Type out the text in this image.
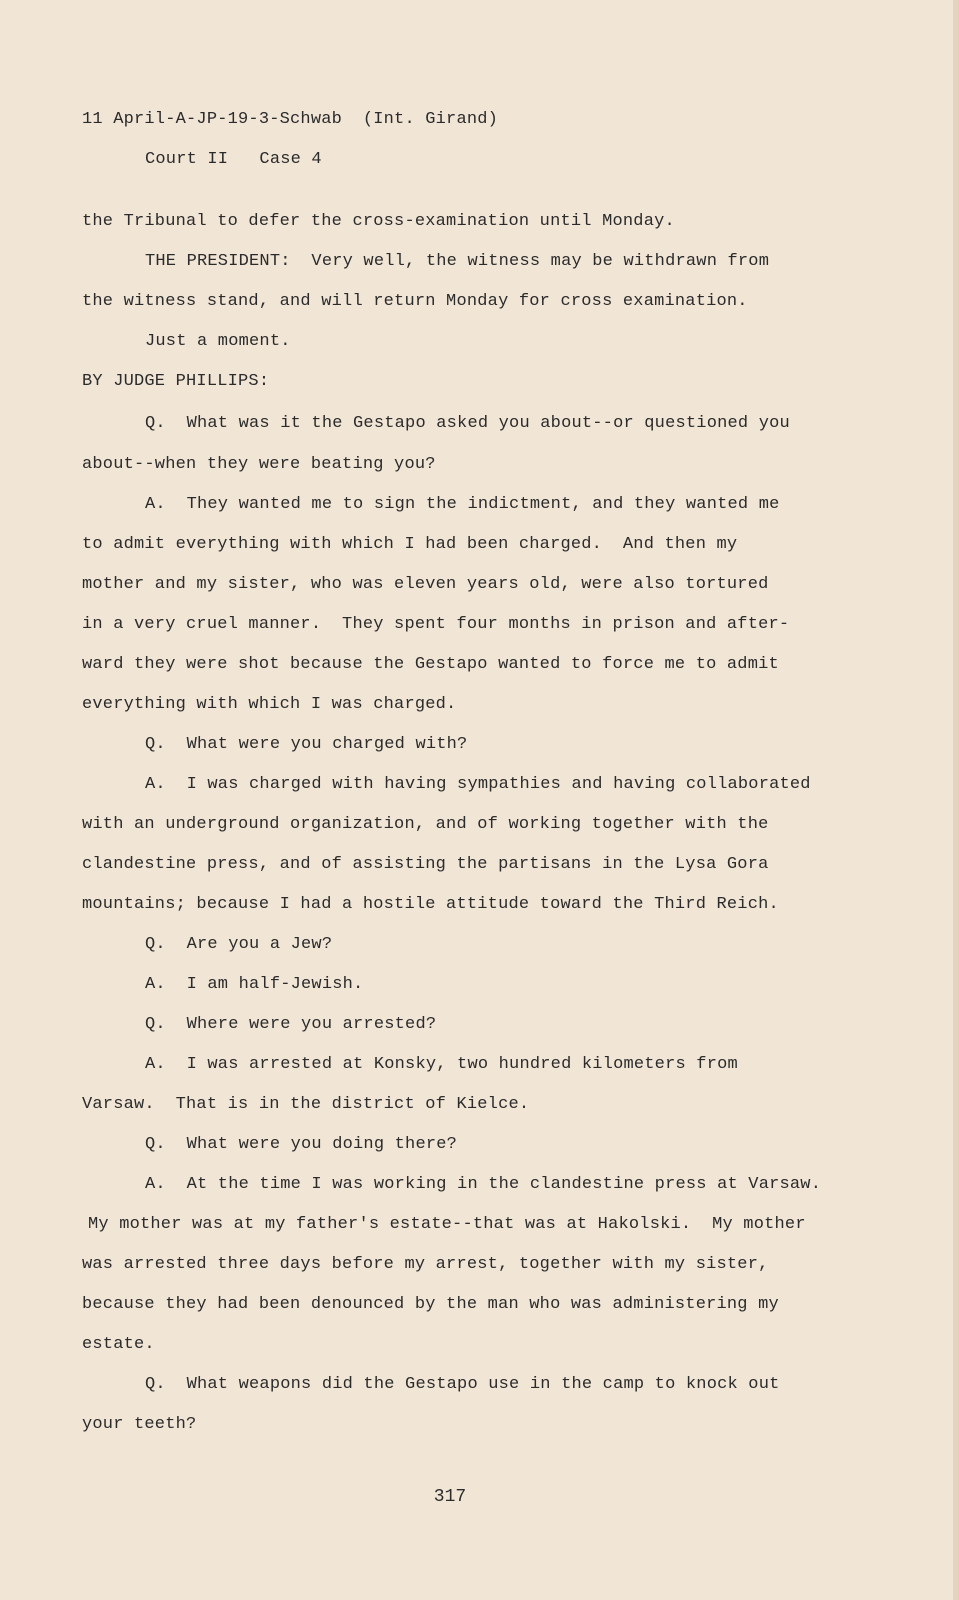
11 April-A-JP-19-3-Schwab  (Int. Girand)
Court II   Case 4
the Tribunal to defer the cross-examination until Monday.
THE PRESIDENT:  Very well, the witness may be withdrawn from
the witness stand, and will return Monday for cross examination.
Just a moment.
BY JUDGE PHILLIPS:
Q.  What was it the Gestapo asked you about--or questioned you
about--when they were beating you?
A.  They wanted me to sign the indictment, and they wanted me
to admit everything with which I had been charged.  And then my
mother and my sister, who was eleven years old, were also tortured
in a very cruel manner.  They spent four months in prison and after-
ward they were shot because the Gestapo wanted to force me to admit
everything with which I was charged.
Q.  What were you charged with?
A.  I was charged with having sympathies and having collaborated
with an underground organization, and of working together with the
clandestine press, and of assisting the partisans in the Lysa Gora
mountains; because I had a hostile attitude toward the Third Reich.
Q.  Are you a Jew?
A.  I am half-Jewish.
Q.  Where were you arrested?
A.  I was arrested at Konsky, two hundred kilometers from
Varsaw.  That is in the district of Kielce.
Q.  What were you doing there?
A.  At the time I was working in the clandestine press at Varsaw.
My mother was at my father's estate--that was at Hakolski.  My mother
was arrested three days before my arrest, together with my sister,
because they had been denounced by the man who was administering my
estate.
Q.  What weapons did the Gestapo use in the camp to knock out
your teeth?
317
